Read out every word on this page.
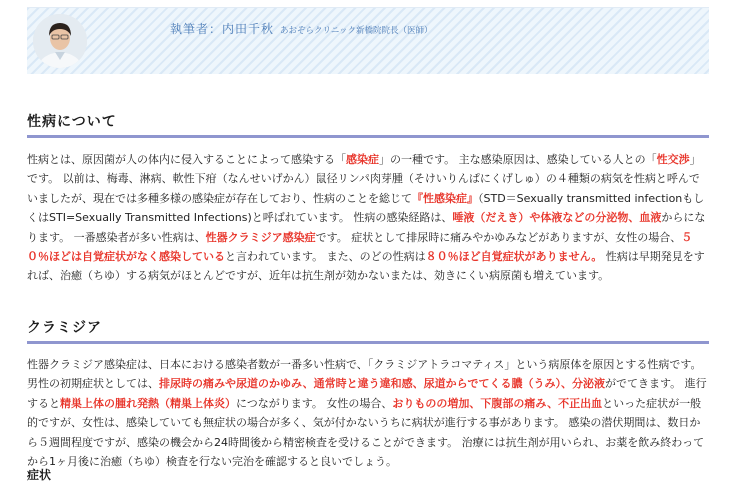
執筆者：内田千秋 あおぞらクリニック新橋院院長（医師）
性病について

性病とは、原因菌が人の体内に侵入することによって感染する「感染症」の一種です。 主な感染原因は、感染している人との「性交渉」です。 以前は、梅毒、淋病、軟性下疳（なんせいげかん）鼠径リンパ肉芽腫（そけいりんぱにくげしゅ）の４種類の病気を性病と呼んでいましたが、現在では多種多様の感染症が存在しており、性病のことを総じて『性感染症』（STD＝Sexually transmitted infectionもしくはSTI=Sexually Transmitted Infections)と呼ばれています。 性病の感染経路は、唾液（だえき）や体液などの分泌物、血液からになります。 一番感染者が多い性病は、性器クラミジア感染症です。 症状として排尿時に痛みやかゆみなどがありますが、女性の場合、５０％ほどは自覚症状がなく感染していると言われています。 また、のどの性病は８０％ほど自覚症状がありません。 性病は早期発見をすれば、治癒（ちゆ）する病気がほとんどですが、近年は抗生剤が効かないまたは、効きにくい病原菌も増えています。

クラミジア

性器クラミジア感染症は、日本における感染者数が一番多い性病で、「クラミジアトラコマティス」という病原体を原因とする性病です。 男性の初期症状としては、排尿時の痛みや尿道のかゆみ、通常時と違う違和感、尿道からでてくる膿（うみ）、分泌液がでてきます。 進行すると精巣上体の腫れ発熱（精巣上体炎）につながります。 女性の場合、おりものの増加、下腹部の痛み、不正出血といった症状が一般的ですが、女性は、感染していても無症状の場合が多く、気が付かないうちに病状が進行する事があります。 感染の潜伏期間は、数日から５週間程度ですが、感染の機会から24時間後から精密検査を受けることができます。 治療には抗生剤が用いられ、お薬を飲み終わってから1ヶ月後に治癒（ちゆ）検査を行ない完治を確認すると良いでしょう。

症状
